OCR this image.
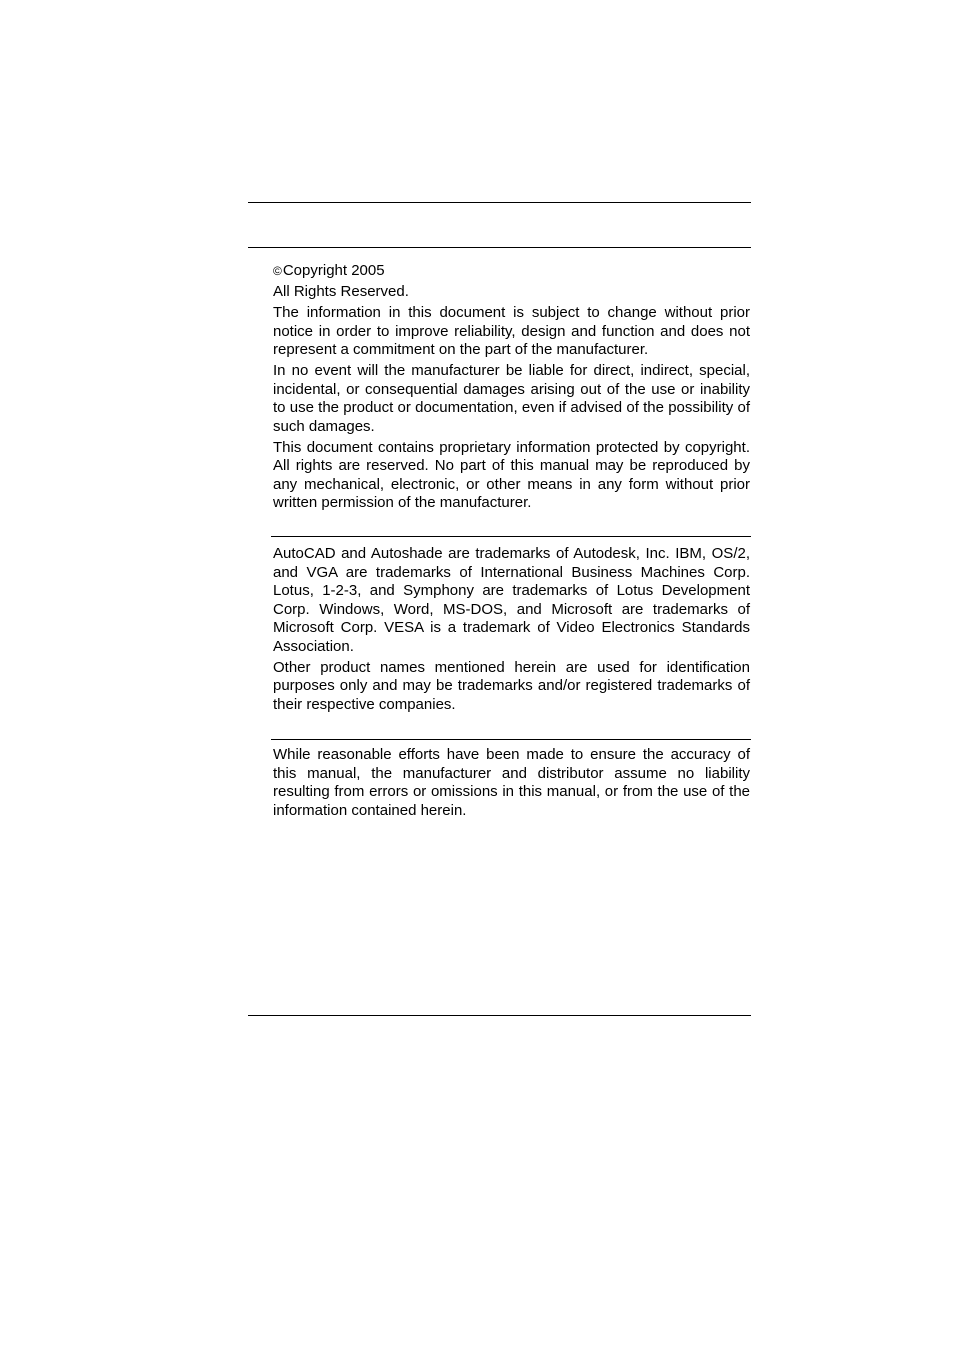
© Copyright 2005

All Rights Reserved.

The information in this document is subject to change without prior notice in order to improve reliability, design and function and does not represent a commitment on the part of the manufacturer.

In no event will the manufacturer be liable for direct, indirect, special, incidental, or consequential damages arising out of the use or inability to use the product or documentation, even if advised of the possibility of such damages.

This document contains proprietary information protected by copyright. All rights are reserved. No part of this manual may be reproduced by any mechanical, electronic, or other means in any form without prior written permission of the manufacturer.

AutoCAD and Autoshade are trademarks of Autodesk, Inc. IBM, OS/2, and VGA are trademarks of International Business Machines Corp. Lotus, 1-2-3, and Symphony are trademarks of Lotus Development Corp. Windows, Word, MS-DOS, and Microsoft are trademarks of Microsoft Corp. VESA is a trademark of Video Electronics Standards Association.

Other product names mentioned herein are used for identification purposes only and may be trademarks and/or registered trademarks of their respective companies.

While reasonable efforts have been made to ensure the accuracy of this manual, the manufacturer and distributor assume no liability resulting from errors or omissions in this manual, or from the use of the information contained herein.
